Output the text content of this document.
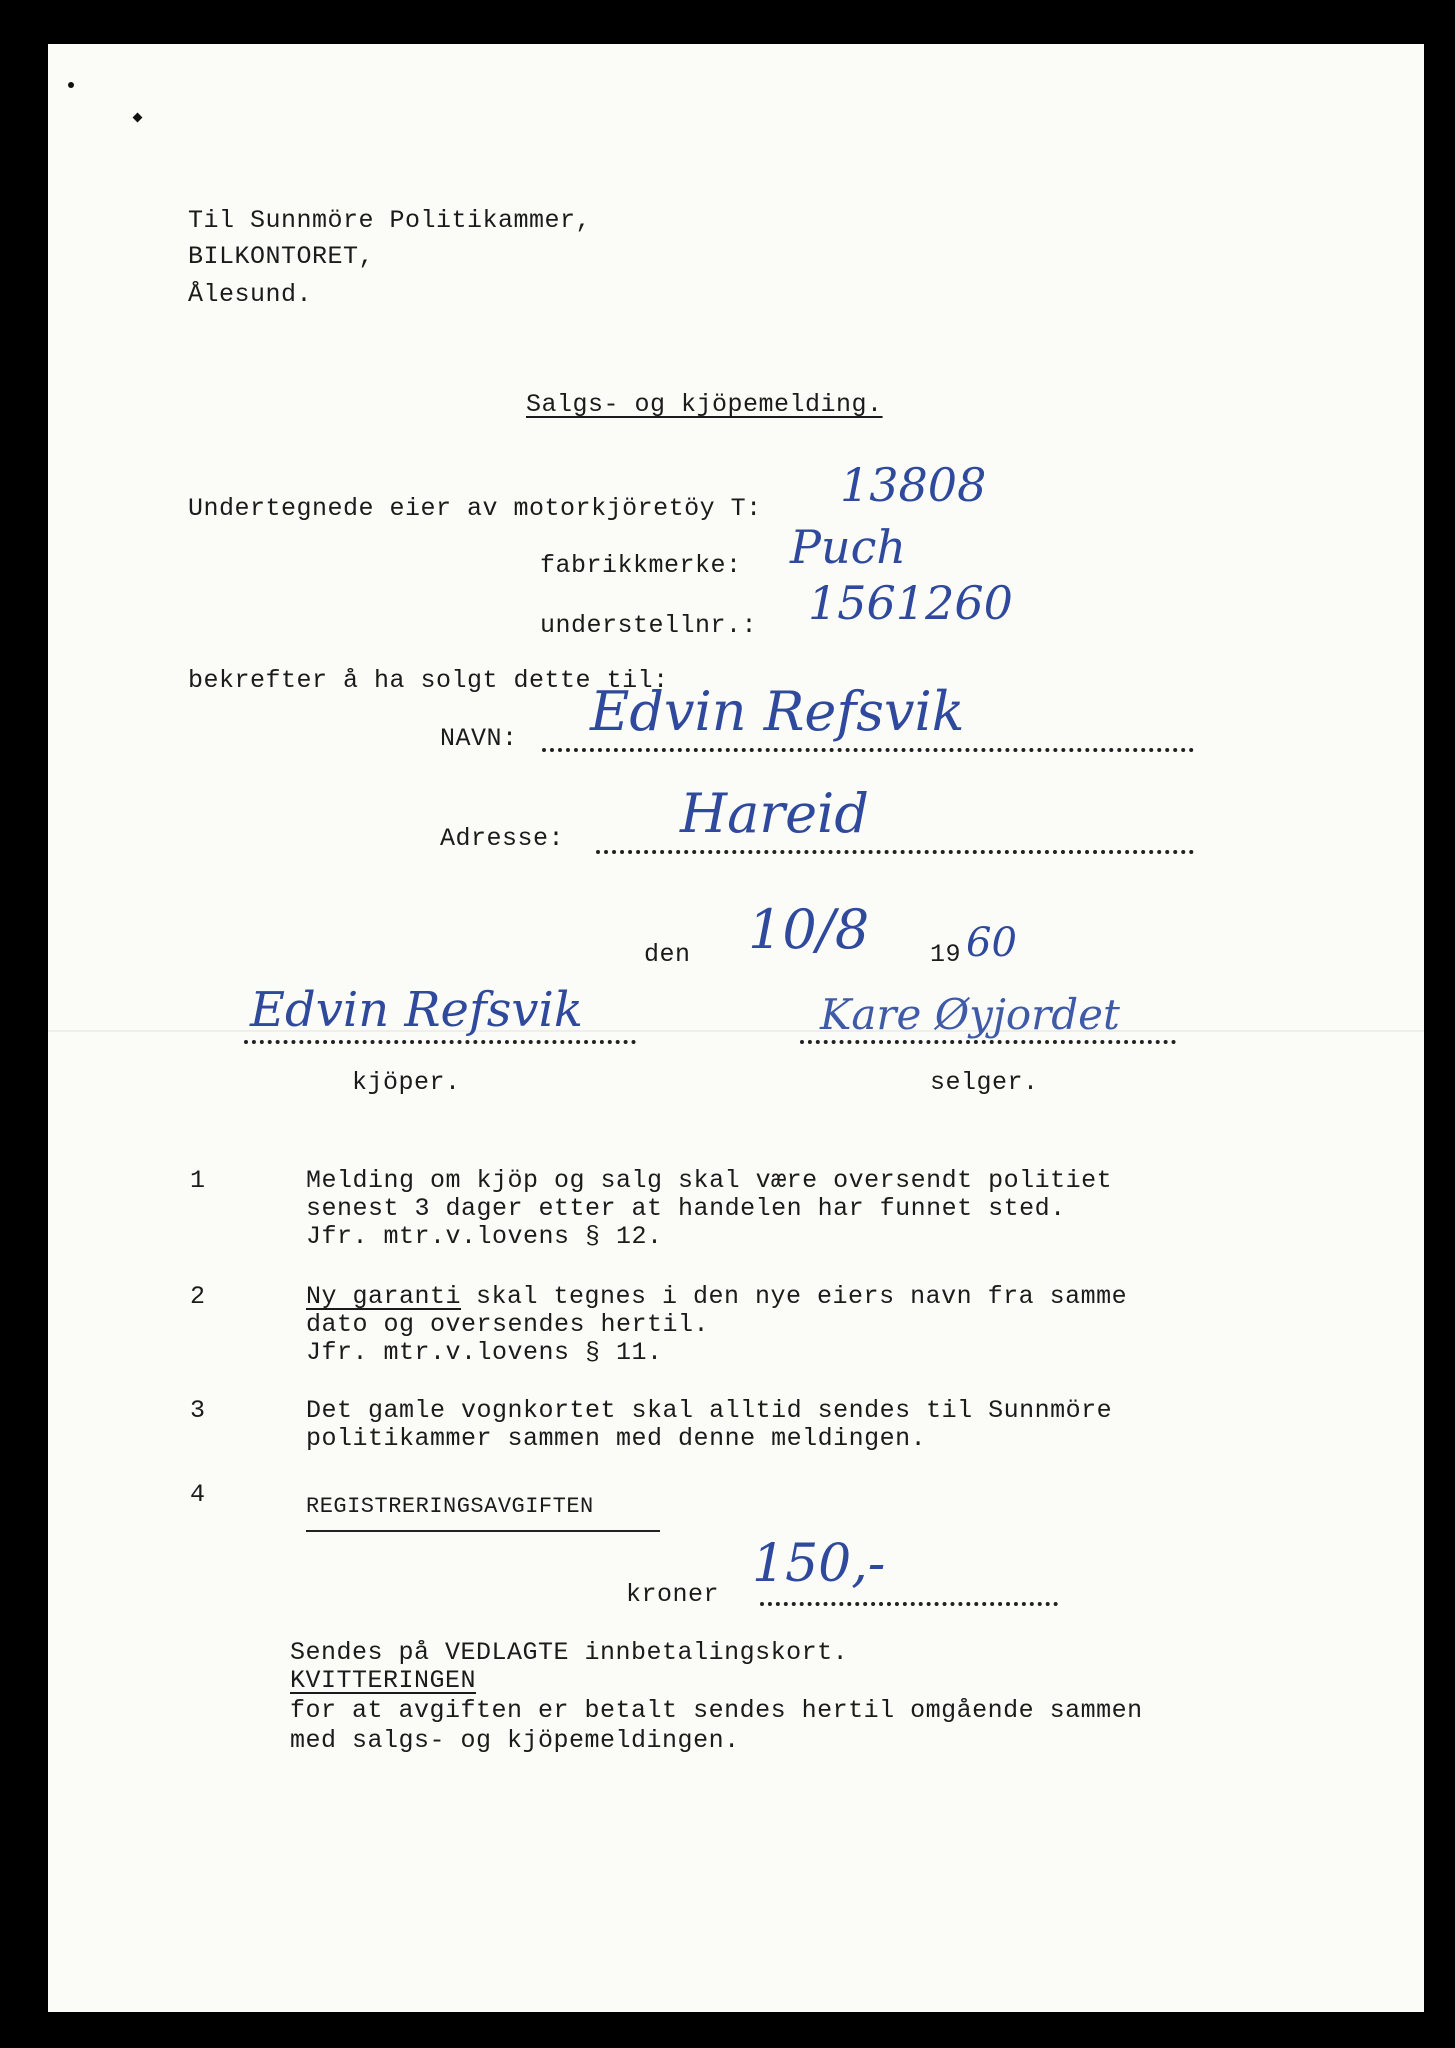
Til Sunnmöre Politikammer,
BILKONTORET,
Ålesund.
Salgs- og kjöpemelding.
Undertegnede eier av motorkjöretöy T: 13808
fabrikkmerke: Puch
understellnr.: 1561260
bekrefter å ha solgt dette til:
NAVN: Edvin Refsvik
Adresse: Hareid
den 10/8 19 60
Edvin Refsvik
kjöper.
Kare Øyjordet
selger.
1	Melding om kjöp og salg skal være oversendt politiet
senest 3 dager etter at handelen har funnet sted.
Jfr. mtr.v.lovens § 12.
2	Ny garanti skal tegnes i den nye eiers navn fra samme
dato og oversendes hertil.
Jfr. mtr.v.lovens § 11.
3	Det gamle vognkortet skal alltid sendes til Sunnmöre
politikammer sammen med denne meldingen.
4	REGISTRERINGSAVGIFTEN
kroner
150,-
Sendes på VEDLAGTE innbetalingskort.
KVITTERINGEN
for at avgiften er betalt sendes hertil omgående sammen
med salgs- og kjöpemeldingen.
